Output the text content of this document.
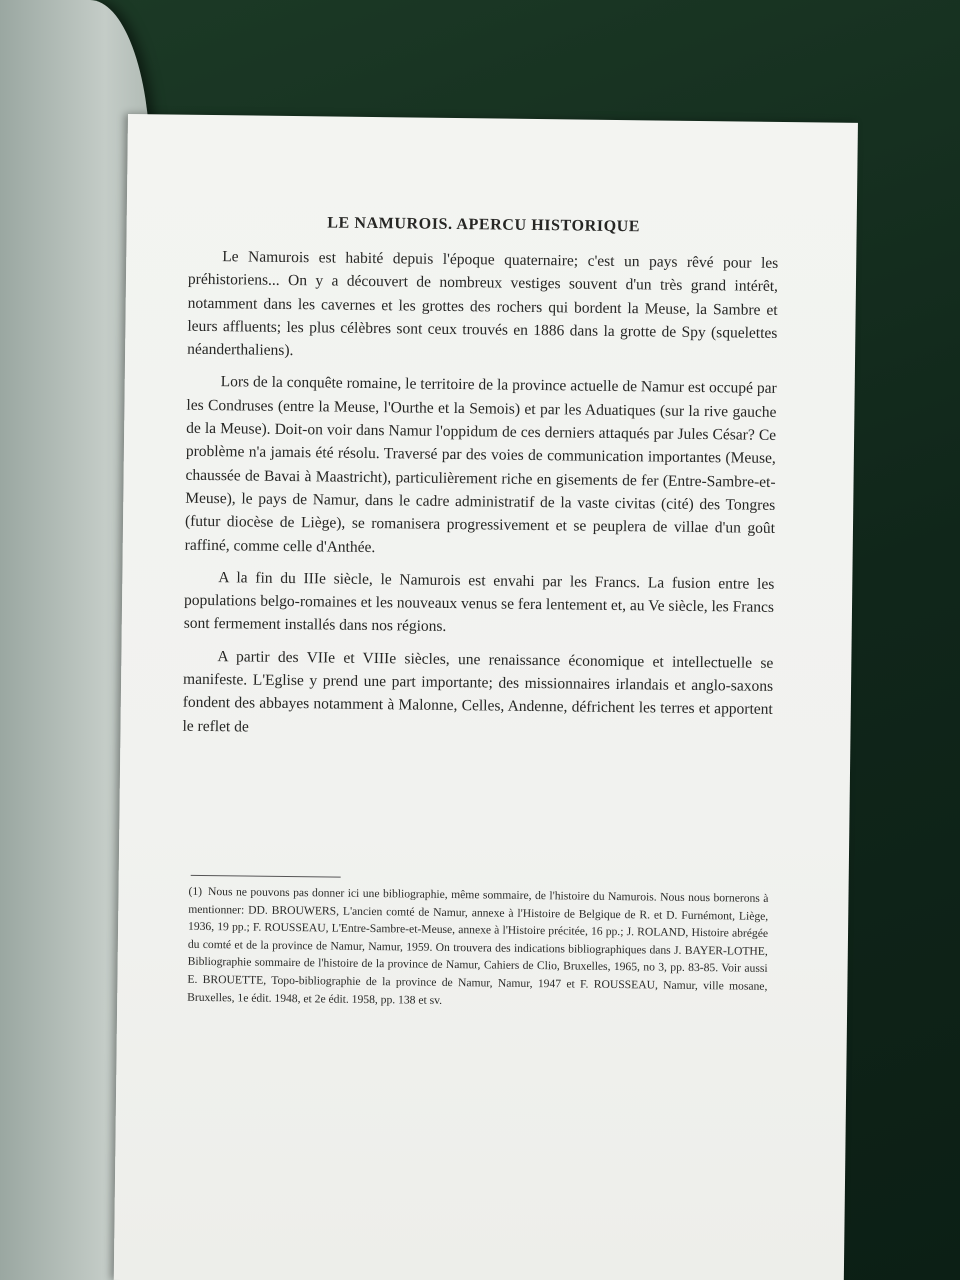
LE NAMUROIS. APERCU HISTORIQUE

Le Namurois est habité depuis l'époque quaternaire; c'est un pays rêvé pour les préhistoriens... On y a découvert de nombreux vestiges souvent d'un très grand intérêt, notamment dans les cavernes et les grottes des rochers qui bordent la Meuse, la Sambre et leurs affluents; les plus célèbres sont ceux trouvés en 1886 dans la grotte de Spy (squelettes néanderthaliens).

Lors de la conquête romaine, le territoire de la province actuelle de Namur est occupé par les Condruses (entre la Meuse, l'Ourthe et la Semois) et par les Aduatiques (sur la rive gauche de la Meuse). Doit-on voir dans Namur l'oppidum de ces derniers attaqués par Jules César? Ce problème n'a jamais été résolu. Traversé par des voies de communication importantes (Meuse, chaussée de Bavai à Maastricht), particulièrement riche en gisements de fer (Entre-Sambre-et-Meuse), le pays de Namur, dans le cadre administratif de la vaste civitas (cité) des Tongres (futur diocèse de Liège), se romanisera progressivement et se peuplera de villae d'un goût raffiné, comme celle d'Anthée.

A la fin du IIIe siècle, le Namurois est envahi par les Francs. La fusion entre les populations belgo-romaines et les nouveaux venus se fera lentement et, au Ve siècle, les Francs sont fermement installés dans nos régions.

A partir des VIIe et VIIIe siècles, une renaissance économique et intellectuelle se manifeste. L'Eglise y prend une part importante; des missionnaires irlandais et anglo-saxons fondent des abbayes notamment à Malonne, Celles, Andenne, défrichent les terres et apportent le reflet de

(1) Nous ne pouvons pas donner ici une bibliographie, même sommaire, de l'histoire du Namurois. Nous nous bornerons à mentionner: DD. BROUWERS, L'ancien comté de Namur, annexe à l'Histoire de Belgique de R. et D. Furnémont, Liège, 1936, 19 pp.; F. ROUSSEAU, L'Entre-Sambre-et-Meuse, annexe à l'Histoire précitée, 16 pp.; J. ROLAND, Histoire abrégée du comté et de la province de Namur, Namur, 1959. On trouvera des indications bibliographiques dans J. BAYER-LOTHE, Bibliographie sommaire de l'histoire de la province de Namur, Cahiers de Clio, Bruxelles, 1965, no 3, pp. 83-85. Voir aussi E. BROUETTE, Topo-bibliographie de la province de Namur, Namur, 1947 et F. ROUSSEAU, Namur, ville mosane, Bruxelles, 1e édit. 1948, et 2e édit. 1958, pp. 138 et sv.
